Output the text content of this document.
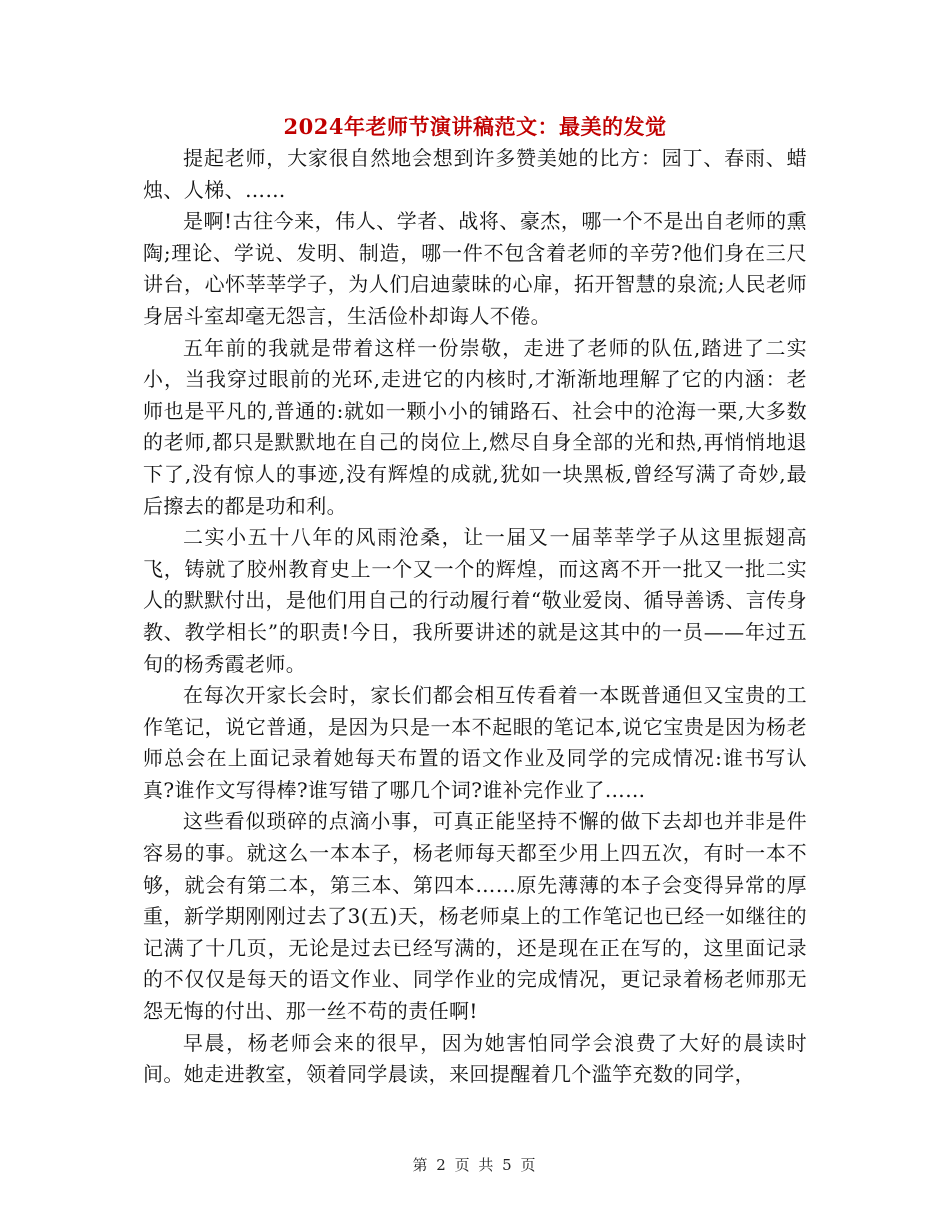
2024年老师节演讲稿范文：最美的发觉

提起老师，大家很自然地会想到许多赞美她的比方：园丁、春雨、蜡烛、人梯、……

是啊!古往今来，伟人、学者、战将、豪杰，哪一个不是出自老师的熏陶;理论、学说、发明、制造，哪一件不包含着老师的辛劳?他们身在三尺讲台，心怀莘莘学子，为人们启迪蒙昧的心扉，拓开智慧的泉流;人民老师身居斗室却毫无怨言，生活俭朴却诲人不倦。

五年前的我就是带着这样一份崇敬，走进了老师的队伍,踏进了二实小，当我穿过眼前的光环,走进它的内核时,才渐渐地理解了它的内涵：老师也是平凡的,普通的:就如一颗小小的铺路石、社会中的沧海一栗,大多数的老师,都只是默默地在自己的岗位上,燃尽自身全部的光和热,再悄悄地退下了,没有惊人的事迹,没有辉煌的成就,犹如一块黑板,曾经写满了奇妙,最后擦去的都是功和利。

二实小五十八年的风雨沧桑，让一届又一届莘莘学子从这里振翅高飞，铸就了胶州教育史上一个又一个的辉煌，而这离不开一批又一批二实人的默默付出，是他们用自己的行动履行着“敬业爱岗、循导善诱、言传身教、教学相长”的职责!今日，我所要讲述的就是这其中的一员——年过五旬的杨秀霞老师。

在每次开家长会时，家长们都会相互传看着一本既普通但又宝贵的工作笔记，说它普通，是因为只是一本不起眼的笔记本,说它宝贵是因为杨老师总会在上面记录着她每天布置的语文作业及同学的完成情况:谁书写认真?谁作文写得棒?谁写错了哪几个词?谁补完作业了……

这些看似琐碎的点滴小事，可真正能坚持不懈的做下去却也并非是件容易的事。就这么一本本子，杨老师每天都至少用上四五次，有时一本不够，就会有第二本，第三本、第四本……原先薄薄的本子会变得异常的厚重，新学期刚刚过去了3(五)天，杨老师桌上的工作笔记也已经一如继往的记满了十几页，无论是过去已经写满的，还是现在正在写的，这里面记录的不仅仅是每天的语文作业、同学作业的完成情况，更记录着杨老师那无怨无悔的付出、那一丝不苟的责任啊!

早晨，杨老师会来的很早，因为她害怕同学会浪费了大好的晨读时间。她走进教室，领着同学晨读，来回提醒着几个滥竽充数的同学，

第 2 页 共 5 页
